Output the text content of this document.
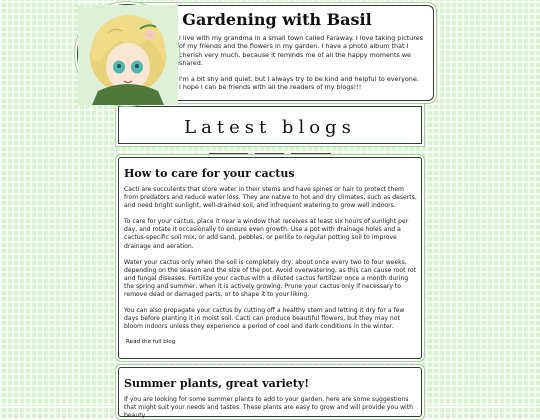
Gardening with Basil

I live with my grandma in a small town called Faraway. I love taking pictures of my friends and the flowers in my garden. I have a photo album that I cherish very much, because it reminds me of all the happy moments we shared.

I'm a bit shy and quiet, but I always try to be kind and helpful to everyone.
I hope I can be friends with all the readers of my blogs!!!
Latest blogs

How to care for your cactus

Cacti are succulents that store water in their stems and have spines or hair to protect them from predators and reduce water loss. They are native to hot and dry climates, such as deserts, and need bright sunlight, well-drained soil, and infrequent watering to grow well indoors.

To care for your cactus, place it near a window that receives at least six hours of sunlight per day, and rotate it occasionally to ensure even growth. Use a pot with drainage holes and a cactus-specific soil mix, or add sand, pebbles, or perlite to regular potting soil to improve drainage and aeration.

Water your cactus only when the soil is completely dry, about once every two to four weeks, depending on the season and the size of the pot. Avoid overwatering, as this can cause root rot and fungal diseases. Fertilize your cactus with a diluted cactus fertilizer once a month during the spring and summer, when it is actively growing. Prune your cactus only if necessary to remove dead or damaged parts, or to shape it to your liking.

You can also propagate your cactus by cutting off a healthy stem and letting it dry for a few days before planting it in moist soil. Cacti can produce beautiful flowers, but they may not bloom indoors unless they experience a period of cool and dark conditions in the winter.

Read the full blog
Summer plants, great variety!

If you are looking for some summer plants to add to your garden, here are some suggestions that might suit your needs and tastes. These plants are easy to grow and will provide you with beauty,
